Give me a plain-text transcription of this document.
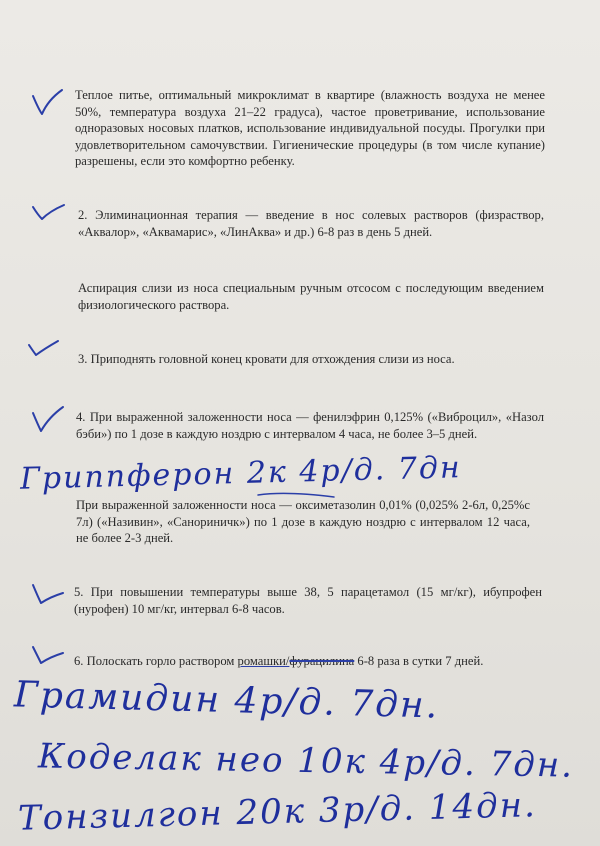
Теплое питье, оптимальный микроклимат в квартире (влажность воздуха не менее 50%, температура воздуха 21–22 градуса), частое проветривание, использование одноразовых носовых платков, использование индивидуальной посуды. Прогулки при удовлетворительном самочувствии. Гигиенические процедуры (в том числе купание) разрешены, если это комфортно ребенку.

2. Элиминационная терапия — введение в нос солевых растворов (физраствор, «Аквалор», «Аквамарис», «ЛинАква» и др.) 6-8 раз в день 5 дней.

Аспирация слизи из носа специальным ручным отсосом с последующим введением физиологического раствора.

3. Приподнять головной конец кровати для отхождения слизи из носа.

4. При выраженной заложенности носа — фенилэфрин 0,125% («Виброцил», «Назол бэби») по 1 дозе в каждую ноздрю с интервалом 4 часа, не более 3–5 дней.

При выраженной заложенности носа — оксиметазолин 0,01% (0,025% 2-6л, 0,25%с 7л) («Називин», «Санориничк») по 1 дозе в каждую ноздрю с интервалом 12 часа, не более 2-3 дней.

5. При повышении температуры выше 38, 5 парацетамол (15 мг/кг), ибупрофен (нурофен) 10 мг/кг, интервал 6-8 часов.

6. Полоскать горло раствором ромашки/фурацилина 6-8 раза в сутки 7 дней.

Гриппферон 2к 4р/д. 7дн
Грамидин 4р/д. 7дн.
Коделак нео 10к 4р/д. 7дн.
Тонзилгон 20к 3р/д. 14дн.
